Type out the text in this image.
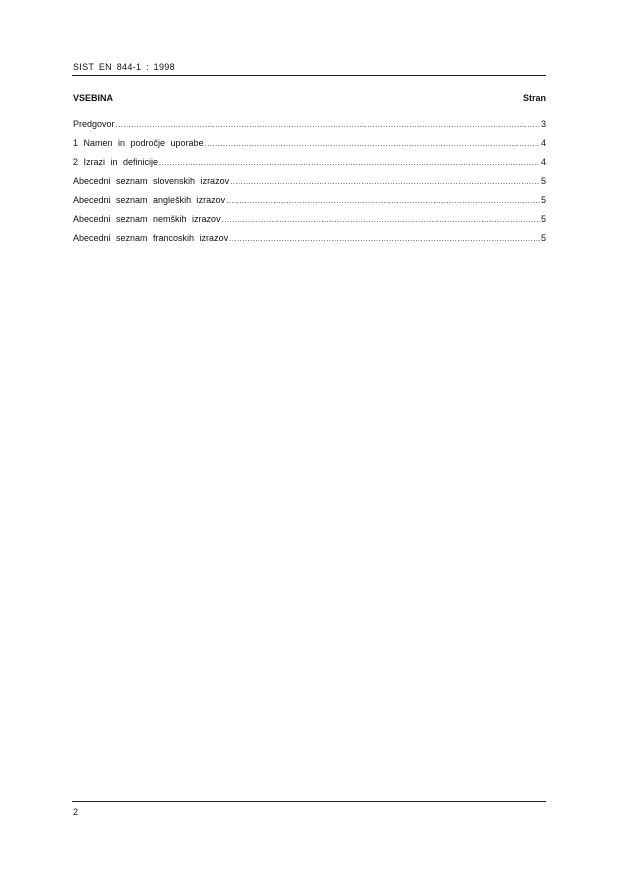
SIST EN 844-1 : 1998
VSEBINA	Stran
Predgovor .....	3
1 Namen in področje uporabe .....	4
2 Izrazi in definicije .....	4
Abecedni seznam slovenskih izrazov .....	5
Abecedni seznam angleških izrazov .....	5
Abecedni seznam nemških izrazov .....	5
Abecedni seznam francoskih izrazov .....	5
2
